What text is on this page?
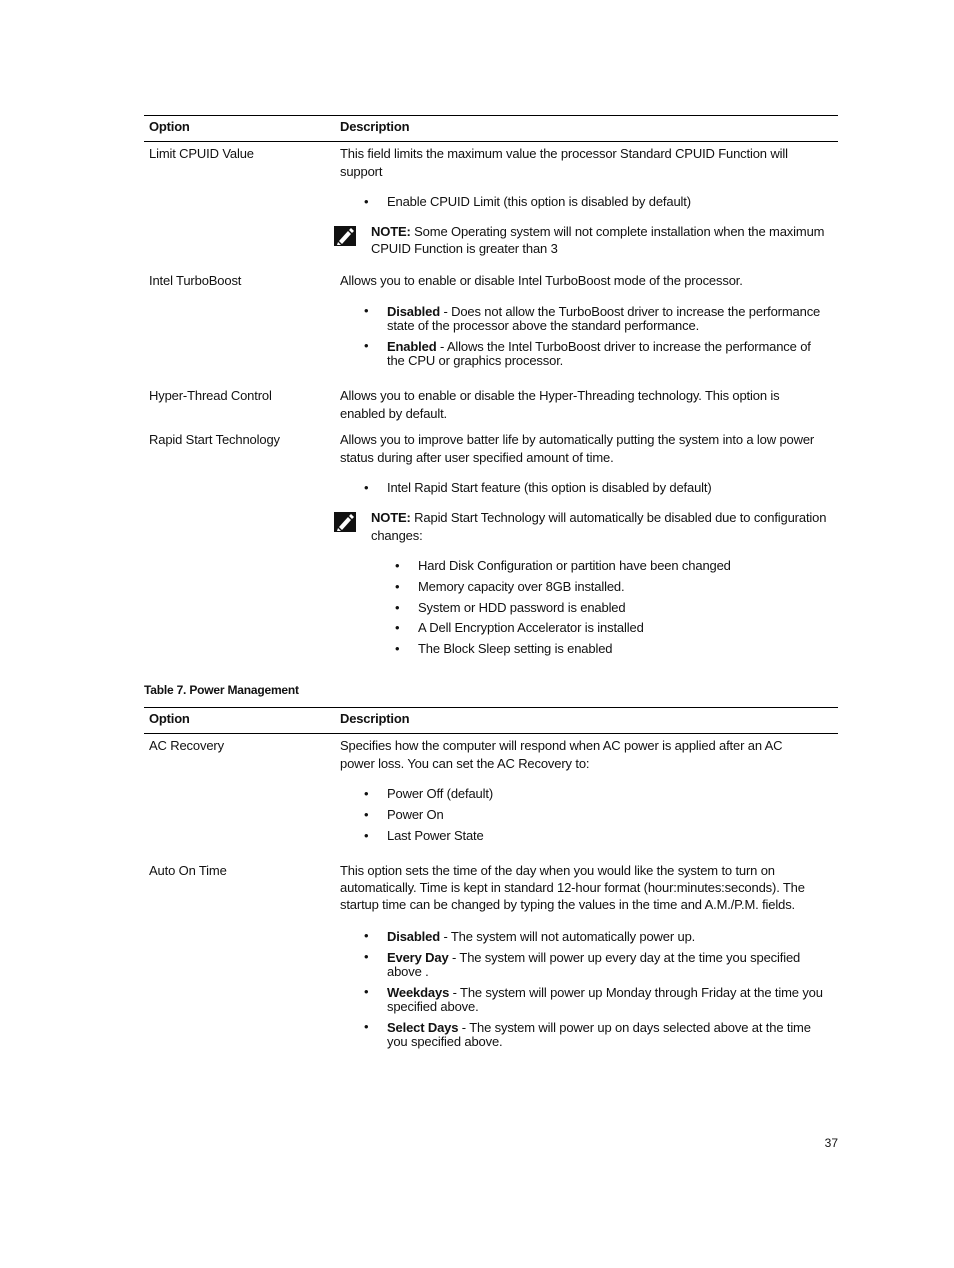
Option	Description
Limit CPUID Value	This field limits the maximum value the processor Standard CPUID Function will
support
• Enable CPUID Limit (this option is disabled by default)
NOTE: Some Operating system will not complete installation when the maximum
CPUID Function is greater than 3
Intel TurboBoost	Allows you to enable or disable Intel TurboBoost mode of the processor.
• Disabled - Does not allow the TurboBoost driver to increase the performance
state of the processor above the standard performance.
• Enabled - Allows the Intel TurboBoost driver to increase the performance of
the CPU or graphics processor.
Hyper-Thread Control	Allows you to enable or disable the Hyper-Threading technology. This option is
enabled by default.
Rapid Start Technology	Allows you to improve batter life by automatically putting the system into a low power
status during after user specified amount of time.
• Intel Rapid Start feature (this option is disabled by default)
NOTE: Rapid Start Technology will automatically be disabled due to configuration
changes:
• Hard Disk Configuration or partition have been changed
• Memory capacity over 8GB installed.
• System or HDD password is enabled
• A Dell Encryption Accelerator is installed
• The Block Sleep setting is enabled
Table 7. Power Management
Option	Description
AC Recovery	Specifies how the computer will respond when AC power is applied after an AC
power loss. You can set the AC Recovery to:
• Power Off (default)
• Power On
• Last Power State
Auto On Time	This option sets the time of the day when you would like the system to turn on
automatically. Time is kept in standard 12-hour format (hour:minutes:seconds). The
startup time can be changed by typing the values in the time and A.M./P.M. fields.
• Disabled - The system will not automatically power up.
• Every Day - The system will power up every day at the time you specified
above .
• Weekdays - The system will power up Monday through Friday at the time you
specified above.
• Select Days - The system will power up on days selected above at the time
you specified above.
37
